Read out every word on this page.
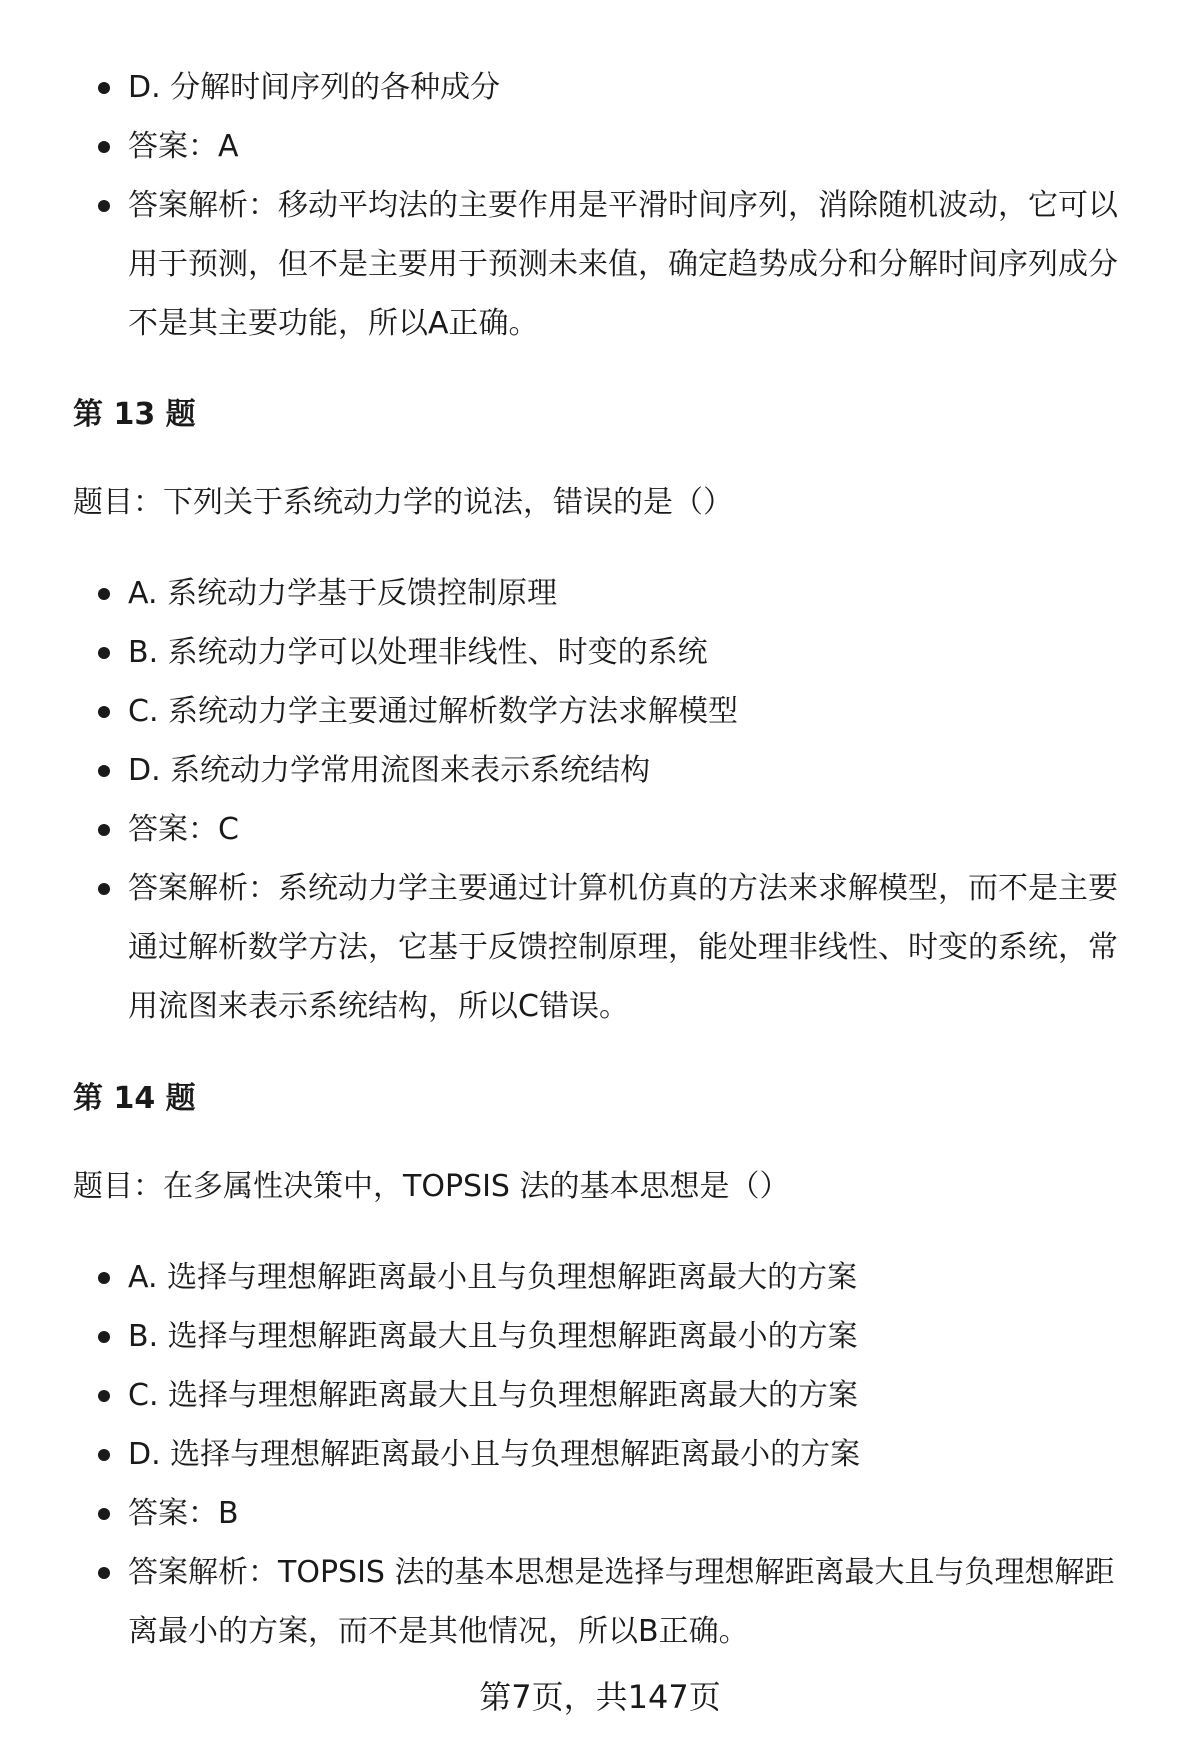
D. 分解时间序列的各种成分
答案：A
答案解析：移动平均法的主要作用是平滑时间序列，消除随机波动，它可以用于预测，但不是主要用于预测未来值，确定趋势成分和分解时间序列成分不是其主要功能，所以A正确。
第 13 题
题目：下列关于系统动力学的说法，错误的是（）
A. 系统动力学基于反馈控制原理
B. 系统动力学可以处理非线性、时变的系统
C. 系统动力学主要通过解析数学方法求解模型
D. 系统动力学常用流图来表示系统结构
答案：C
答案解析：系统动力学主要通过计算机仿真的方法来求解模型，而不是主要通过解析数学方法，它基于反馈控制原理，能处理非线性、时变的系统，常用流图来表示系统结构，所以C错误。
第 14 题
题目：在多属性决策中，TOPSIS 法的基本思想是（）
A. 选择与理想解距离最小且与负理想解距离最大的方案
B. 选择与理想解距离最大且与负理想解距离最小的方案
C. 选择与理想解距离最大且与负理想解距离最大的方案
D. 选择与理想解距离最小且与负理想解距离最小的方案
答案：B
答案解析：TOPSIS 法的基本思想是选择与理想解距离最大且与负理想解距离最小的方案，而不是其他情况，所以B正确。
第7页，共147页
